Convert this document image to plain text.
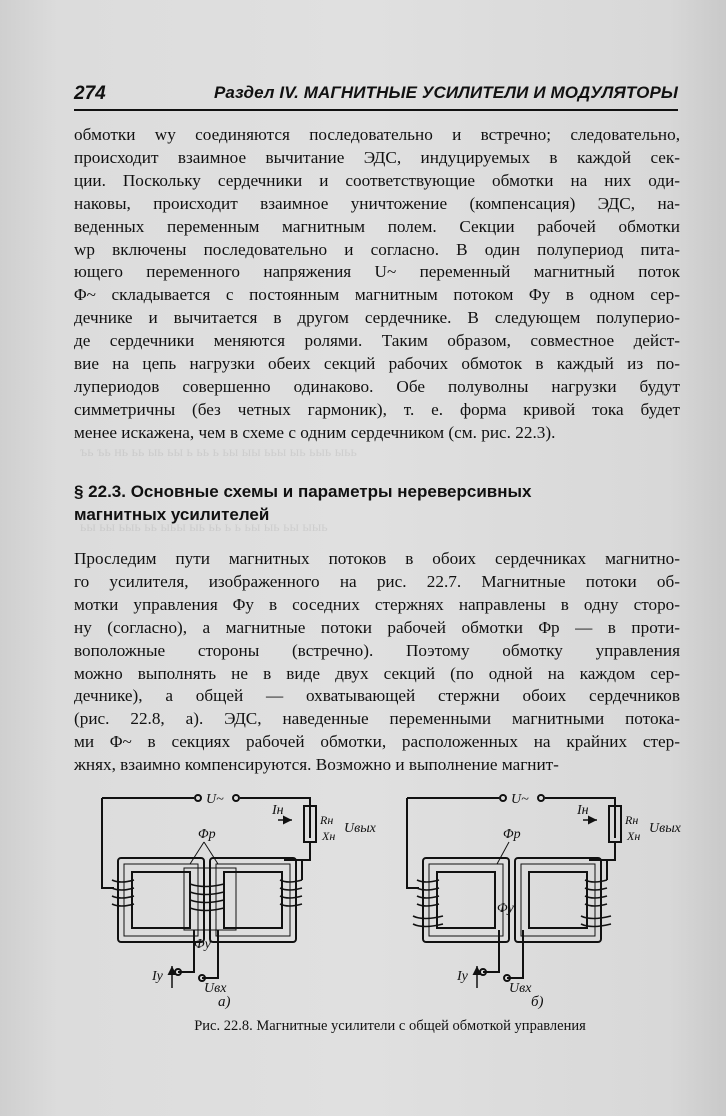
ъь ъь нь ьь ыь ьы ь ьь ь ьы ыы ььы ыь ьыь ыьь
ьы ьы ьыь ьь ыьы ыь ьь ь ь ьы ыь ьы ыыь
274	Раздел IV. МАГНИТНЫЕ УСИЛИТЕЛИ И МОДУЛЯТОРЫ
обмотки wу соединяются последовательно и встречно; следовательно,
происходит взаимное вычитание ЭДС, индуцируемых в каждой сек-
ции. Поскольку сердечники и соответствующие обмотки на них оди-
наковы, происходит взаимное уничтожение (компенсация) ЭДС, на-
веденных переменным магнитным полем. Секции рабочей обмотки
wр включены последовательно и согласно. В один полупериод пита-
ющего переменного напряжения U~ переменный магнитный поток
Φ~ складывается с постоянным магнитным потоком Φу в одном сер-
дечнике и вычитается в другом сердечнике. В следующем полуперио-
де сердечники меняются ролями. Таким образом, совместное дейст-
вие на цепь нагрузки обеих секций рабочих обмоток в каждый из по-
лупериодов совершенно одинаково. Обе полуволны нагрузки будут
симметричны (без четных гармоник), т. е. форма кривой тока будет
менее искажена, чем в схеме с одним сердечником (см. рис. 22.3).
§ 22.3. Основные схемы и параметры нереверсивных
магнитных усилителей
Проследим пути магнитных потоков в обоих сердечниках магнитно-
го усилителя, изображенного на рис. 22.7. Магнитные потоки об-
мотки управления Φу в соседних стержнях направлены в одну сторо-
ну (согласно), а магнитные потоки рабочей обмотки Φр — в проти-
воположные стороны (встречно). Поэтому обмотку управления
можно выполнять не в виде двух секций (по одной на каждом сер-
дечнике), а общей — охватывающей стержни обоих сердечников
(рис. 22.8, а). ЭДС, наведенные переменными магнитными потока-
ми Φ~ в секциях рабочей обмотки, расположенных на крайних стер-
жнях, взаимно компенсируются. Возможно и выполнение магнит-
U~
Iн
Rн
Xн Uвых
Φр
Φу
Iу
Uвх
а)
U~
Iн
Rн
Xн Uвых
Φр
Φу
Iу
Uвх
б)
Рис. 22.8. Магнитные усилители с общей обмоткой управления
